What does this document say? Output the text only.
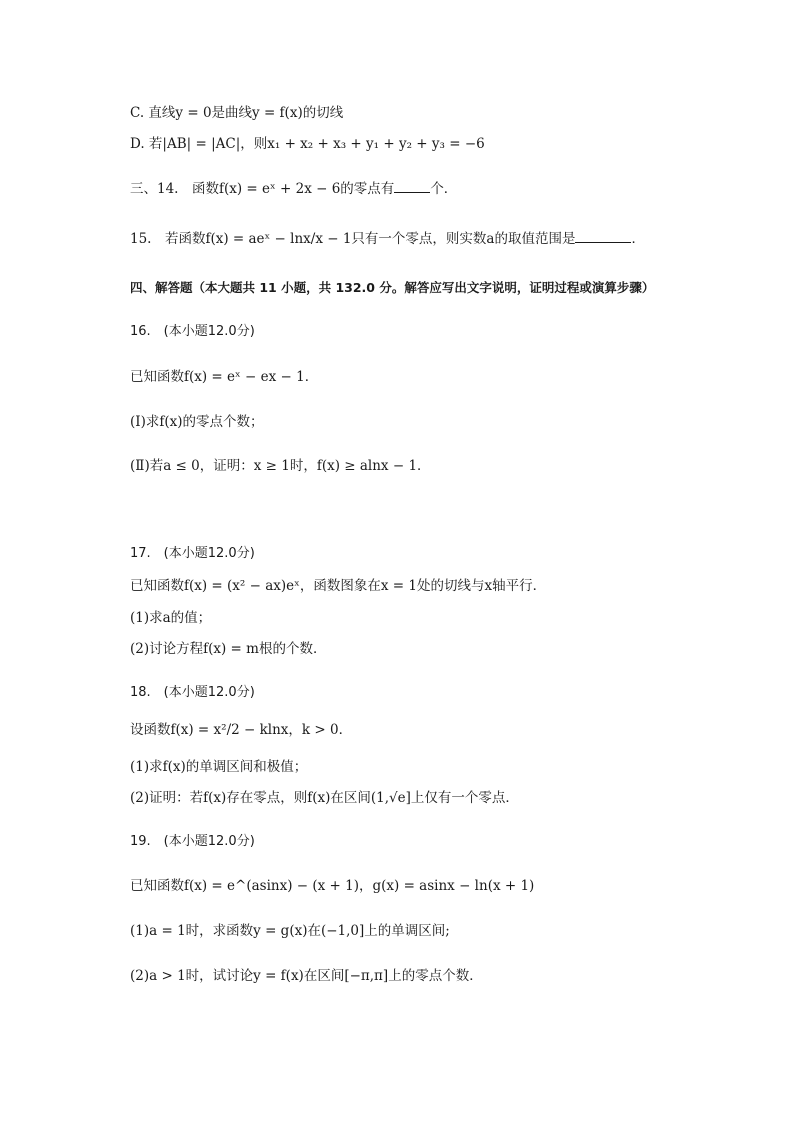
C. 直线y = 0是曲线y = f(x)的切线
D. 若|AB| = |AC|，则x₁ + x₂ + x₃ + y₁ + y₂ + y₃ = −6
三、14.　函数f(x) = eˣ + 2x − 6的零点有	个．
15.　若函数f(x) = aeˣ − lnx/x − 1只有一个零点，则实数a的取值范围是	．
四、解答题（本大题共 11 小题，共 132.0 分。解答应写出文字说明，证明过程或演算步骤）
16.　(本小题12.0分)
已知函数f(x) = eˣ − ex − 1．
(Ⅰ)求f(x)的零点个数；
(Ⅱ)若a ≤ 0，证明：x ≥ 1时，f(x) ≥ alnx − 1．
17.　(本小题12.0分)
已知函数f(x) = (x² − ax)eˣ，函数图象在x = 1处的切线与x轴平行．
(1)求a的值；
(2)讨论方程f(x) = m根的个数．
18.　(本小题12.0分)
设函数f(x) = x²/2 − klnx，k > 0．
(1)求f(x)的单调区间和极值；
(2)证明：若f(x)存在零点，则f(x)在区间(1,√e]上仅有一个零点．
19.　(本小题12.0分)
已知函数f(x) = e^(asinx) − (x + 1)，g(x) = asinx − ln(x + 1)
(1)a = 1时，求函数y = g(x)在(−1,0]上的单调区间;
(2)a > 1时，试讨论y = f(x)在区间[−π,π]上的零点个数．
